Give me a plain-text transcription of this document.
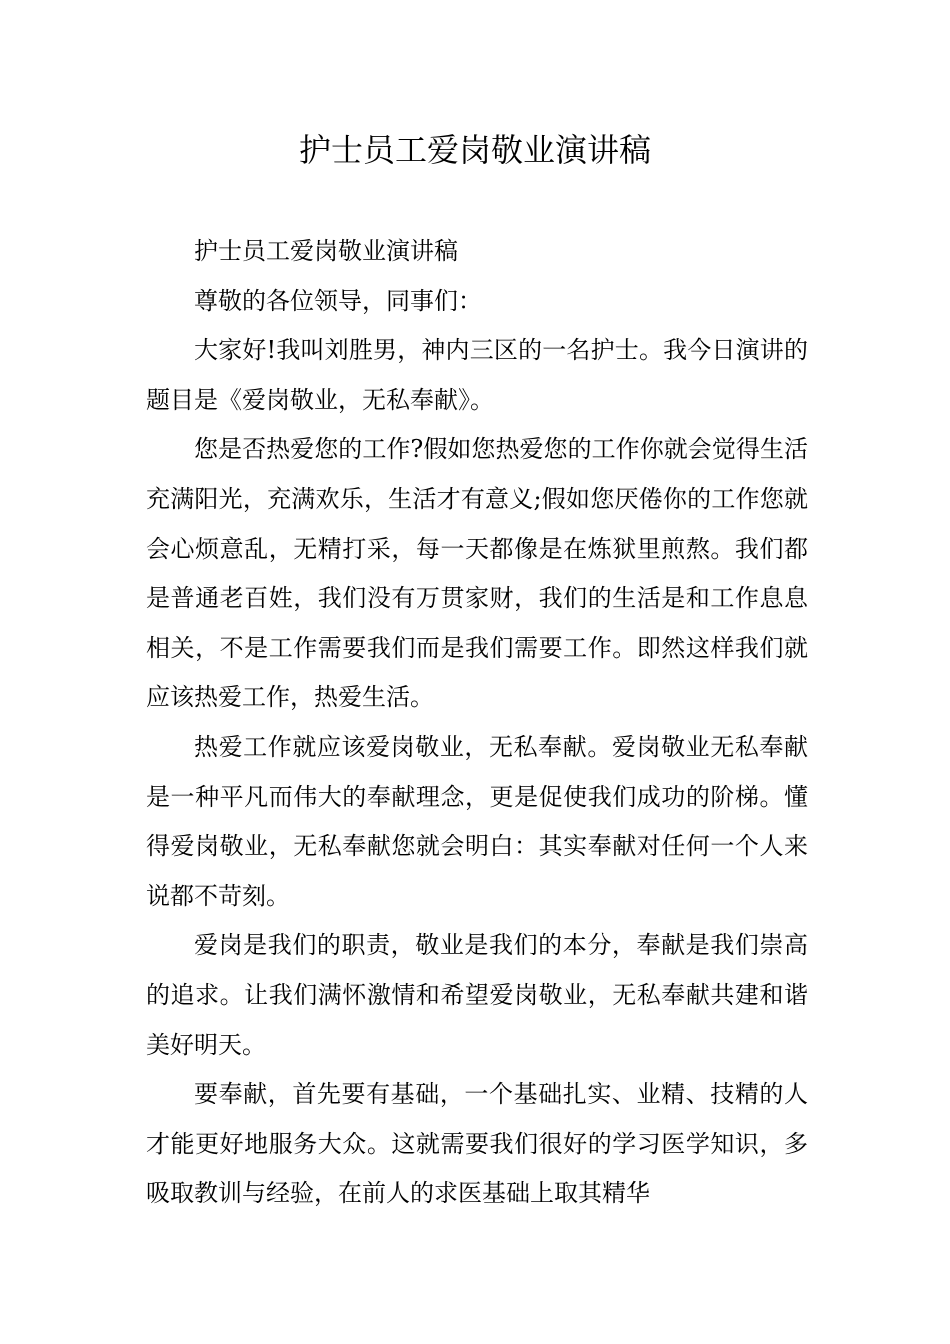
护士员工爱岗敬业演讲稿

护士员工爱岗敬业演讲稿

尊敬的各位领导，同事们：

大家好!我叫刘胜男，神内三区的一名护士。我今日演讲的题目是《爱岗敬业，无私奉献》。

您是否热爱您的工作?假如您热爱您的工作你就会觉得生活充满阳光，充满欢乐，生活才有意义;假如您厌倦你的工作您就会心烦意乱，无精打采，每一天都像是在炼狱里煎熬。我们都是普通老百姓，我们没有万贯家财，我们的生活是和工作息息相关，不是工作需要我们而是我们需要工作。即然这样我们就应该热爱工作，热爱生活。

热爱工作就应该爱岗敬业，无私奉献。爱岗敬业无私奉献是一种平凡而伟大的奉献理念，更是促使我们成功的阶梯。懂得爱岗敬业，无私奉献您就会明白：其实奉献对任何一个人来说都不苛刻。

爱岗是我们的职责，敬业是我们的本分，奉献是我们崇高的追求。让我们满怀激情和希望爱岗敬业，无私奉献共建和谐美好明天。

要奉献，首先要有基础，一个基础扎实、业精、技精的人才能更好地服务大众。这就需要我们很好的学习医学知识，多吸取教训与经验，在前人的求医基础上取其精华
